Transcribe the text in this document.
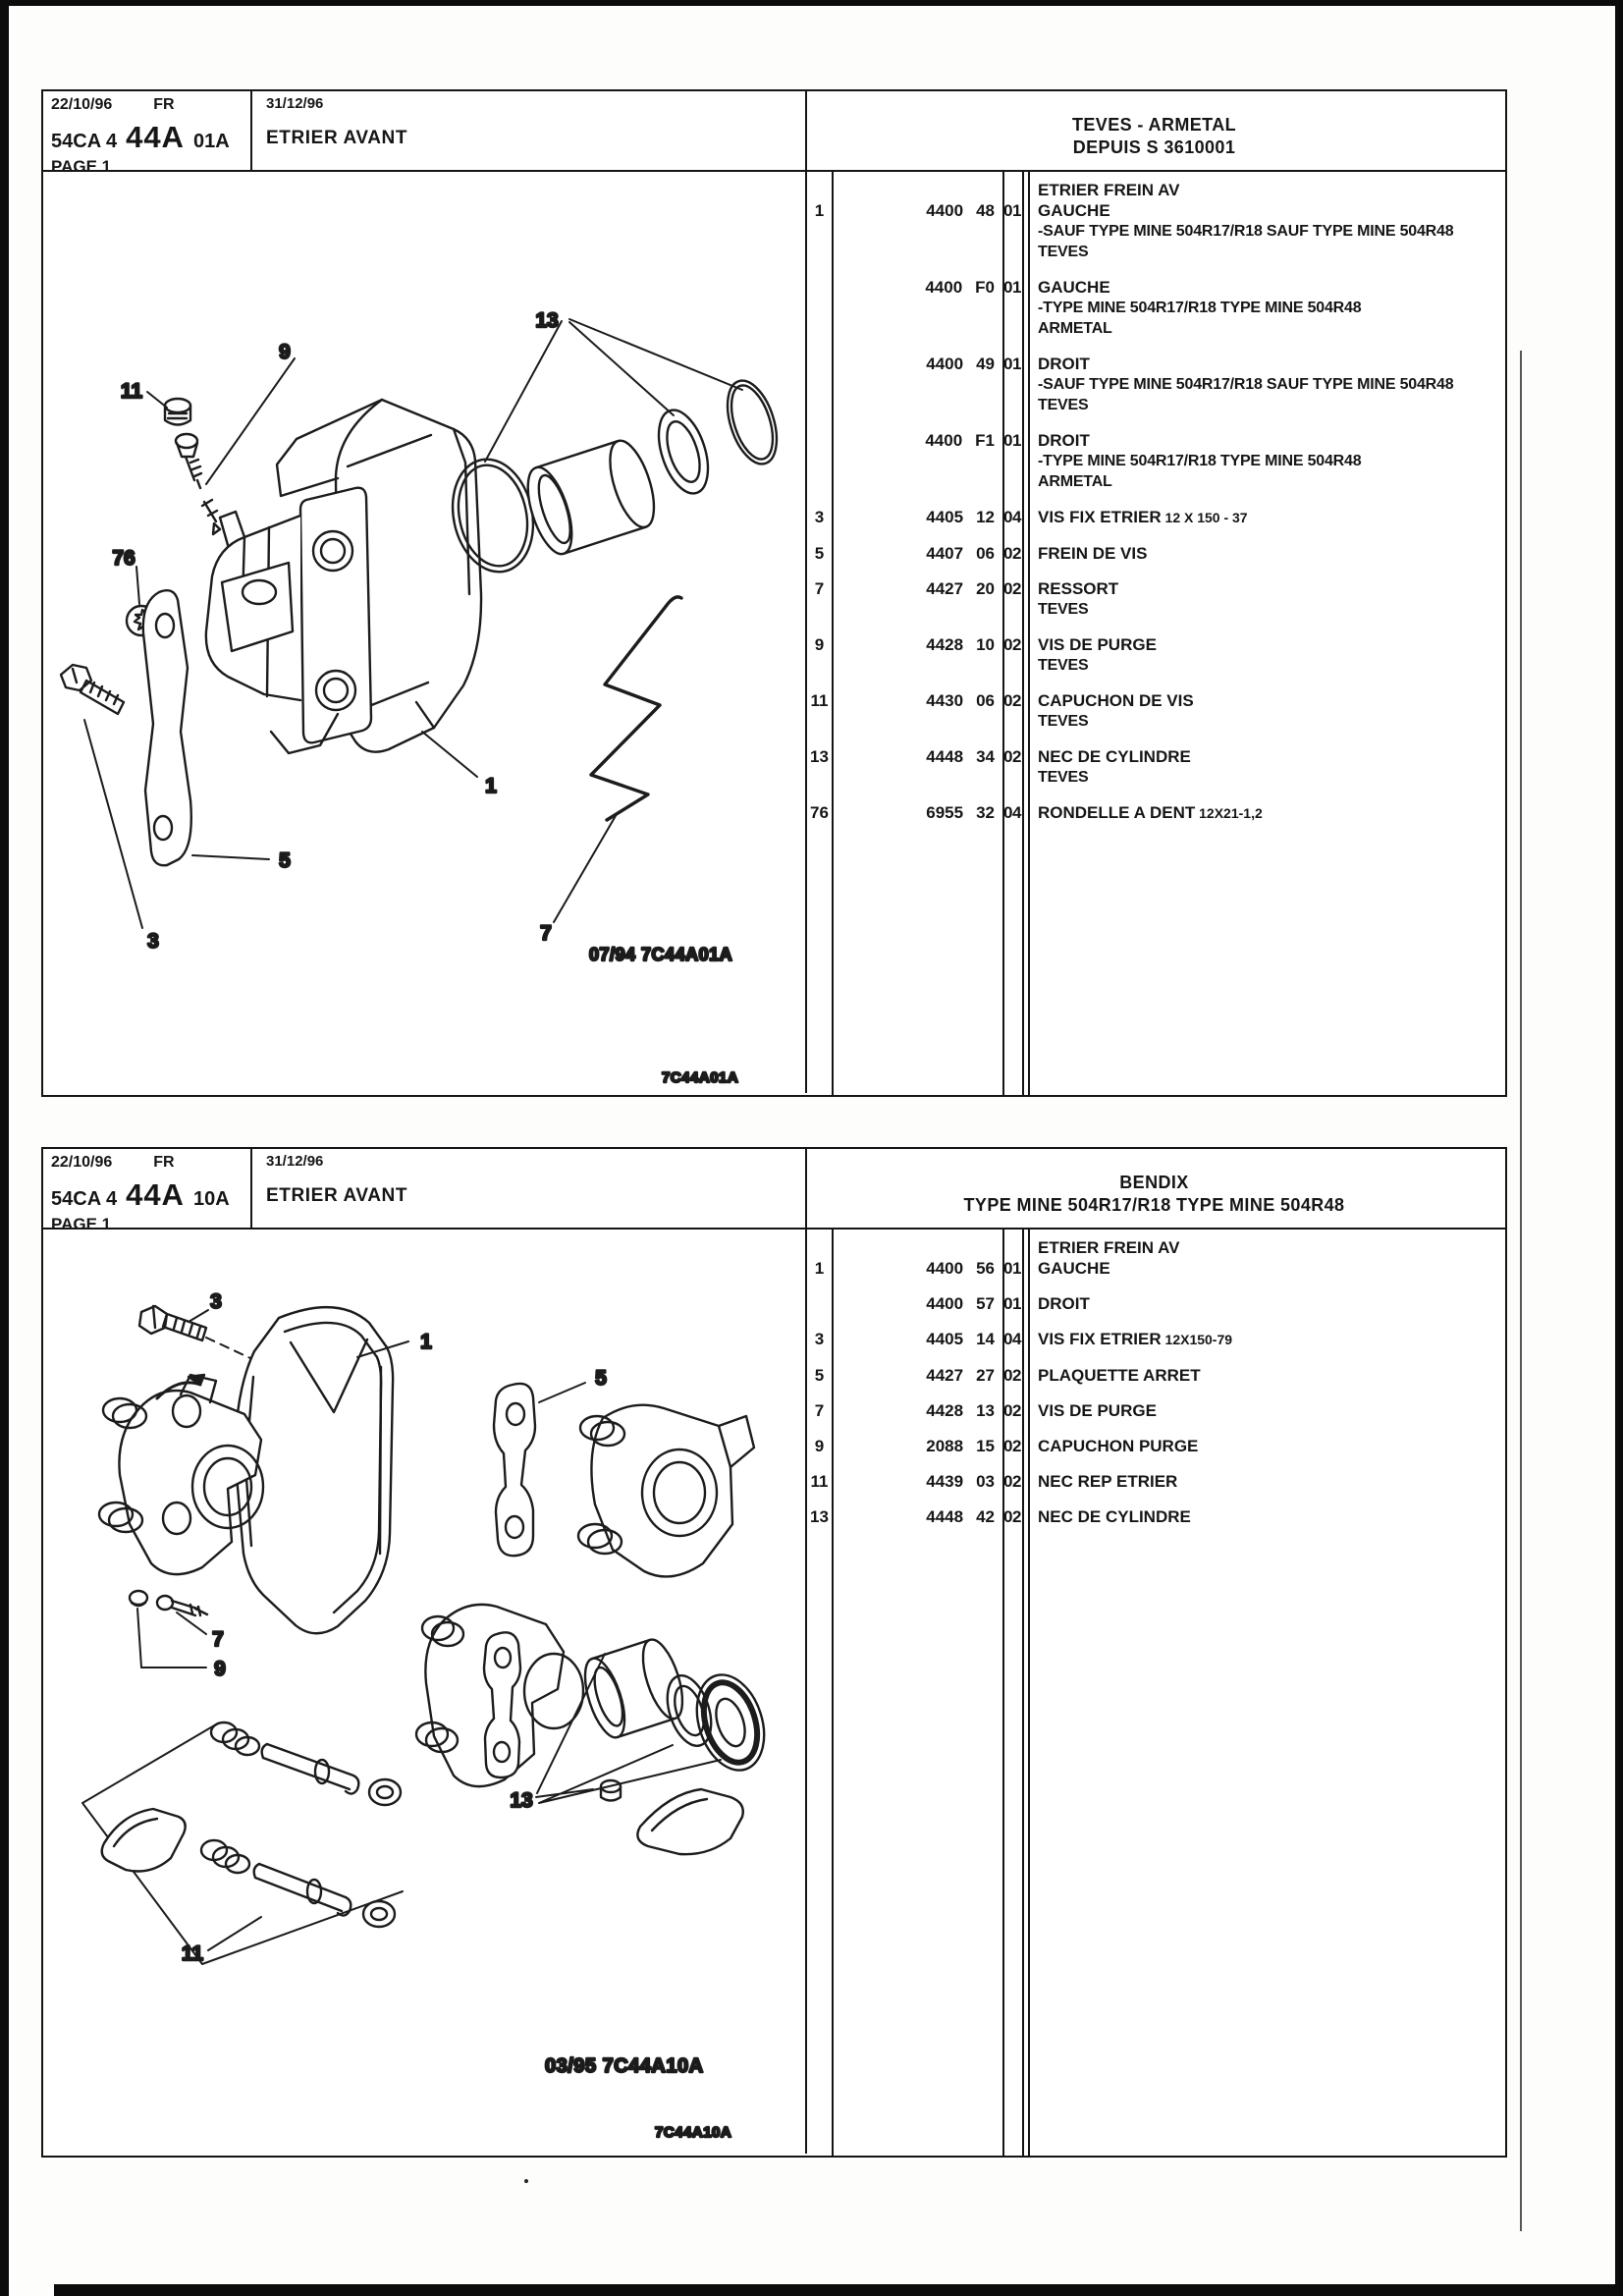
22/10/96	FR
54CA 4 44A 01A
PAGE 1
31/12/96
ETRIER AVANT
TEVES - ARMETAL
DEPUIS S 3610001
9
11
13
76
3
5
1
7
07/94 7C44A01A
7C44A01A
1	4400 48 01
ETRIER FREIN AV
GAUCHE
-SAUF TYPE MINE 504R17/R18 SAUF TYPE MINE 504R48
TEVES
4400 F0 01 GAUCHE
-TYPE MINE 504R17/R18 TYPE MINE 504R48
ARMETAL
4400 49 01 DROIT
-SAUF TYPE MINE 504R17/R18 SAUF TYPE MINE 504R48
TEVES
4400 F1 01 DROIT
-TYPE MINE 504R17/R18 TYPE MINE 504R48
ARMETAL
3	4405 12 04 VIS FIX ETRIER 12 X 150 - 37
5	4407 06 02 FREIN DE VIS
7	4427 20 02 RESSORT
TEVES
9	4428 10 02 VIS DE PURGE
TEVES
11	4430 06 02 CAPUCHON DE VIS
TEVES
13	4448 34 02 NEC DE CYLINDRE
TEVES
76	6955 32 04 RONDELLE A DENT 12X21-1,2
22/10/96	FR
54CA 4 44A 10A
PAGE 1
31/12/96
ETRIER AVANT
BENDIX
TYPE MINE 504R17/R18 TYPE MINE 504R48
3
1
5
7
9
13
11
03/95 7C44A10A
7C44A10A
1	4400 56 01
ETRIER FREIN AV
GAUCHE
4400 57 01 DROIT
3	4405 14 04 VIS FIX ETRIER 12X150-79
5	4427 27 02 PLAQUETTE ARRET
7	4428 13 02 VIS DE PURGE
9	2088 15 02 CAPUCHON PURGE
11	4439 03 02 NEC REP ETRIER
13	4448 42 02 NEC DE CYLINDRE
